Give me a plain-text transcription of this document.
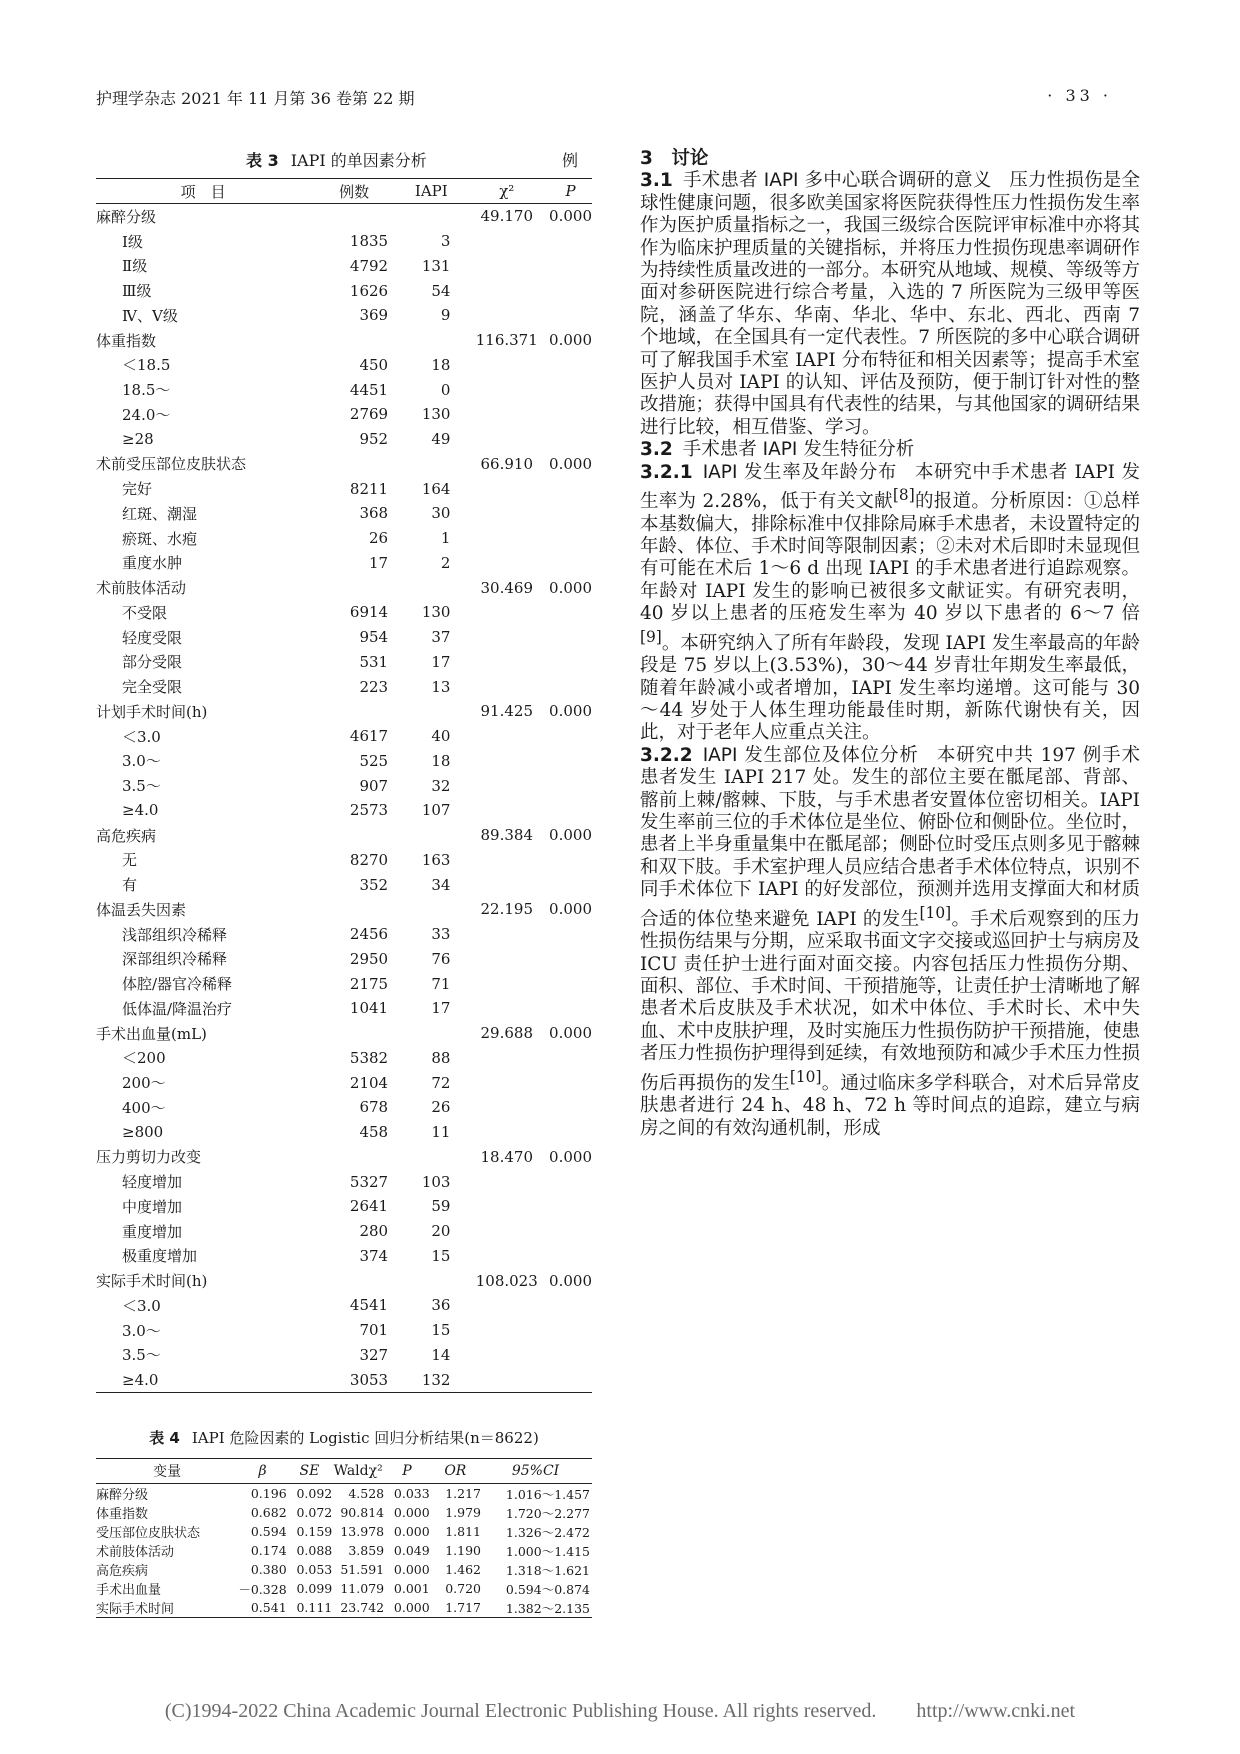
护理学杂志 2021 年 11 月第 36 卷第 22 期	· 33 ·
表 3 IAPI 的单因素分析	例
项　目	例数	IAPI	χ²	P
麻醉分级			49.170	0.000
Ⅰ级	1835	3		
Ⅱ级	4792	131		
Ⅲ级	1626	54		
Ⅳ、Ⅴ级	369	9		
体重指数			116.371	0.000
＜18.5	450	18		
18.5～	4451	0		
24.0～	2769	130		
≥28	952	49		
术前受压部位皮肤状态			66.910	0.000
完好	8211	164		
红斑、潮湿	368	30		
瘀斑、水疱	26	1		
重度水肿	17	2		
术前肢体活动			30.469	0.000
不受限	6914	130		
轻度受限	954	37		
部分受限	531	17		
完全受限	223	13		
计划手术时间(h)			91.425	0.000
＜3.0	4617	40		
3.0～	525	18		
3.5～	907	32		
≥4.0	2573	107		
高危疾病			89.384	0.000
无	8270	163		
有	352	34		
体温丢失因素			22.195	0.000
浅部组织冷稀释	2456	33		
深部组织冷稀释	2950	76		
体腔/器官冷稀释	2175	71		
低体温/降温治疗	1041	17		
手术出血量(mL)			29.688	0.000
＜200	5382	88		
200～	2104	72		
400～	678	26		
≥800	458	11		
压力剪切力改变			18.470	0.000
轻度增加	5327	103		
中度增加	2641	59		
重度增加	280	20		
极重度增加	374	15		
实际手术时间(h)			108.023	0.000
＜3.0	4541	36		
3.0～	701	15		
3.5～	327	14		
≥4.0	3053	132		
表 4 IAPI 危险因素的 Logistic 回归分析结果(n＝8622)
变量	β	SE	Waldχ²	P	OR	95%CI
麻醉分级	0.196	0.092	4.528	0.033	1.217	1.016～1.457
体重指数	0.682	0.072	90.814	0.000	1.979	1.720～2.277
受压部位皮肤状态	0.594	0.159	13.978	0.000	1.811	1.326～2.472
术前肢体活动	0.174	0.088	3.859	0.049	1.190	1.000～1.415
高危疾病	0.380	0.053	51.591	0.000	1.462	1.318～1.621
手术出血量	－0.328	0.099	11.079	0.001	0.720	0.594～0.874
实际手术时间	0.541	0.111	23.742	0.000	1.717	1.382～2.135
3　讨论

3.1 手术患者 IAPI 多中心联合调研的意义 压力性损伤是全球性健康问题，很多欧美国家将医院获得性压力性损伤发生率作为医护质量指标之一，我国三级综合医院评审标准中亦将其作为临床护理质量的关键指标，并将压力性损伤现患率调研作为持续性质量改进的一部分。本研究从地域、规模、等级等方面对参研医院进行综合考量，入选的 7 所医院为三级甲等医院，涵盖了华东、华南、华北、华中、东北、西北、西南 7 个地域，在全国具有一定代表性。7 所医院的多中心联合调研可了解我国手术室 IAPI 分布特征和相关因素等；提高手术室医护人员对 IAPI 的认知、评估及预防，便于制订针对性的整改措施；获得中国具有代表性的结果，与其他国家的调研结果进行比较，相互借鉴、学习。

3.2 手术患者 IAPI 发生特征分析

3.2.1 IAPI 发生率及年龄分布 本研究中手术患者 IAPI 发生率为 2.28%，低于有关文献[8]的报道。分析原因：①总样本基数偏大，排除标准中仅排除局麻手术患者，未设置特定的年龄、体位、手术时间等限制因素；②未对术后即时未显现但有可能在术后 1～6 d 出现 IAPI 的手术患者进行追踪观察。年龄对 IAPI 发生的影响已被很多文献证实。有研究表明，40 岁以上患者的压疮发生率为 40 岁以下患者的 6～7 倍[9]。本研究纳入了所有年龄段，发现 IAPI 发生率最高的年龄段是 75 岁以上(3.53%)，30～44 岁青壮年期发生率最低，随着年龄减小或者增加，IAPI 发生率均递增。这可能与 30～44 岁处于人体生理功能最佳时期，新陈代谢快有关，因此，对于老年人应重点关注。

3.2.2 IAPI 发生部位及体位分析 本研究中共 197 例手术患者发生 IAPI 217 处。发生的部位主要在骶尾部、背部、髂前上棘/髂棘、下肢，与手术患者安置体位密切相关。IAPI 发生率前三位的手术体位是坐位、俯卧位和侧卧位。坐位时，患者上半身重量集中在骶尾部；侧卧位时受压点则多见于髂棘和双下肢。手术室护理人员应结合患者手术体位特点，识别不同手术体位下 IAPI 的好发部位，预测并选用支撑面大和材质合适的体位垫来避免 IAPI 的发生[10]。手术后观察到的压力性损伤结果与分期，应采取书面文字交接或巡回护士与病房及 ICU 责任护士进行面对面交接。内容包括压力性损伤分期、面积、部位、手术时间、干预措施等，让责任护士清晰地了解患者术后皮肤及手术状况，如术中体位、手术时长、术中失血、术中皮肤护理，及时实施压力性损伤防护干预措施，使患者压力性损伤护理得到延续，有效地预防和减少手术压力性损伤后再损伤的发生[10]。通过临床多学科联合，对术后异常皮肤患者进行 24 h、48 h、72 h 等时间点的追踪，建立与病房之间的有效沟通机制，形成

(C)1994-2022 China Academic Journal Electronic Publishing House. All rights reserved.　　http://www.cnki.net
